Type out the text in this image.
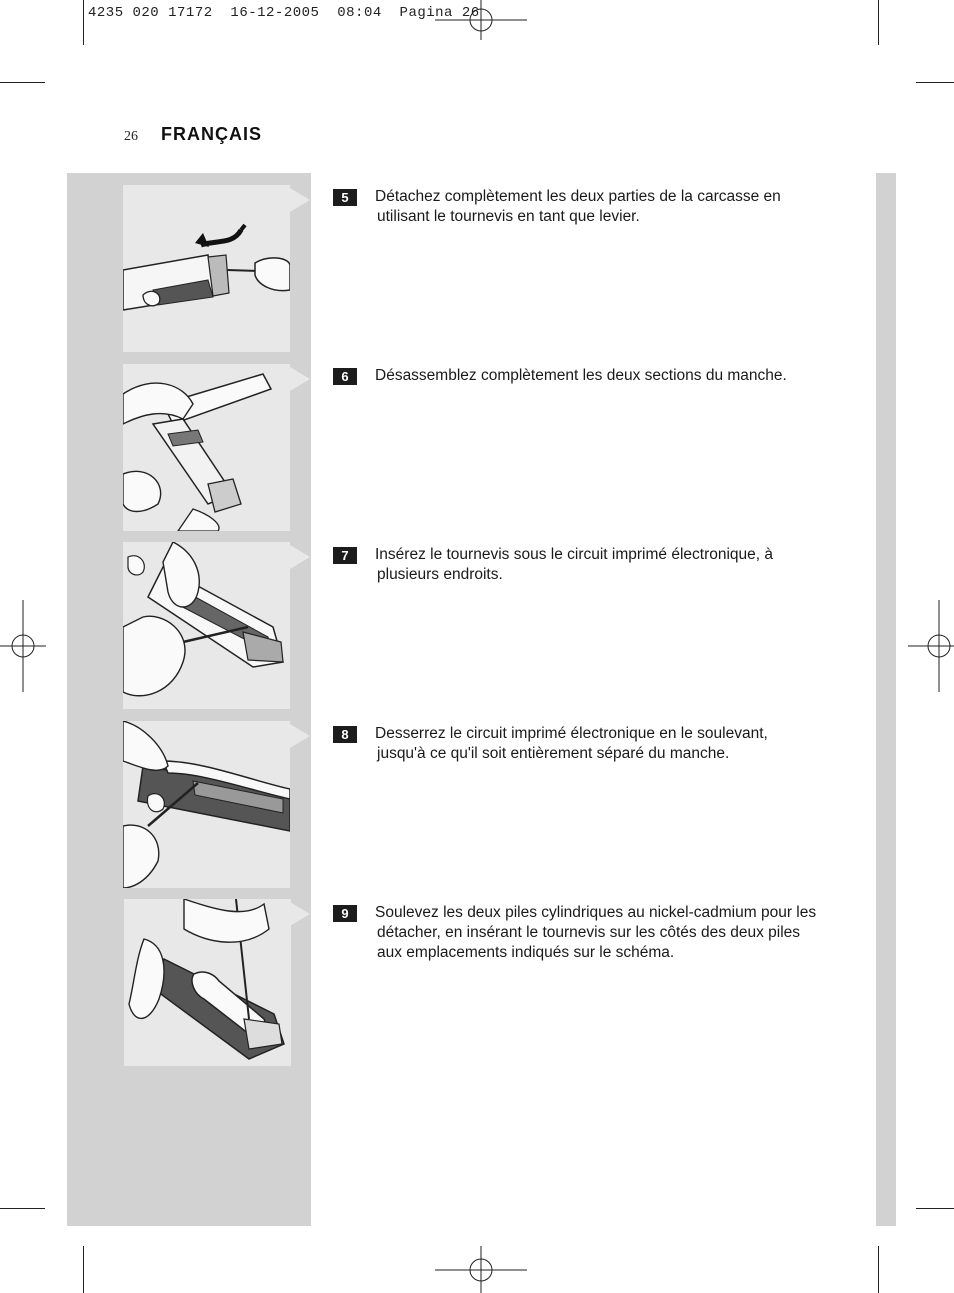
4235 020 17172  16-12-2005  08:04  Pagina 26
26 FRANÇAIS
5	Détachez complètement les deux parties de la carcasse en
utilisant le tournevis en tant que levier.
6	Désassemblez complètement les deux sections du manche.
7	Insérez le tournevis sous le circuit imprimé électronique, à
plusieurs endroits.
8	Desserrez le circuit imprimé électronique en le soulevant,
jusqu'à ce qu'il soit entièrement séparé du manche.
9	Soulevez les deux piles cylindriques au nickel-cadmium pour les
détacher, en insérant le tournevis sur les côtés des deux piles
aux emplacements indiqués sur le schéma.
